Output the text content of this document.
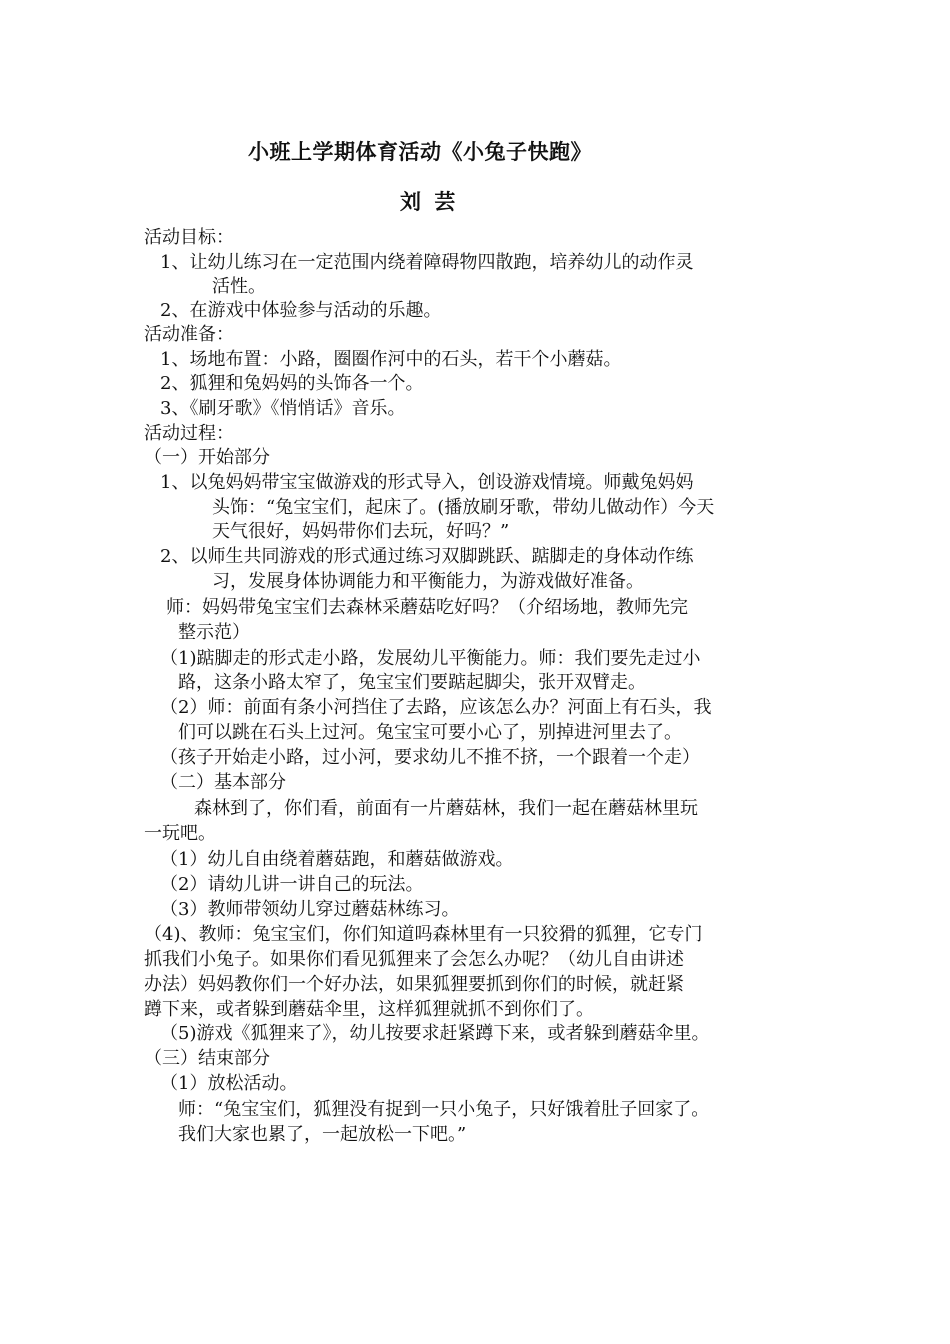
小班上学期体育活动《小兔子快跑》
刘 芸
活动目标：
1、让幼儿练习在一定范围内绕着障碍物四散跑，培养幼儿的动作灵
活性。
2、在游戏中体验参与活动的乐趣。
活动准备：
1、场地布置：小路，圈圈作河中的石头，若干个小蘑菇。
2、狐狸和兔妈妈的头饰各一个。
3、《刷牙歌》《悄悄话》音乐。
活动过程：
（一）开始部分
1、以兔妈妈带宝宝做游戏的形式导入，创设游戏情境。师戴兔妈妈
头饰：“兔宝宝们，起床了。(播放刷牙歌，带幼儿做动作）今天
天气很好，妈妈带你们去玩，好吗？”
2、以师生共同游戏的形式通过练习双脚跳跃、踮脚走的身体动作练
习，发展身体协调能力和平衡能力，为游戏做好准备。
师：妈妈带兔宝宝们去森林采蘑菇吃好吗？（介绍场地，教师先完
整示范）
（1)踮脚走的形式走小路，发展幼儿平衡能力。师：我们要先走过小
路，这条小路太窄了，兔宝宝们要踮起脚尖，张开双臂走。
（2）师：前面有条小河挡住了去路，应该怎么办？河面上有石头，我
们可以跳在石头上过河。兔宝宝可要小心了，别掉进河里去了。
（孩子开始走小路，过小河，要求幼儿不推不挤，一个跟着一个走）
（二）基本部分
森林到了，你们看，前面有一片蘑菇林，我们一起在蘑菇林里玩
一玩吧。
（1）幼儿自由绕着蘑菇跑，和蘑菇做游戏。
（2）请幼儿讲一讲自己的玩法。
（3）教师带领幼儿穿过蘑菇林练习。
（4)、教师：兔宝宝们，你们知道吗森林里有一只狡猾的狐狸，它专门
抓我们小兔子。如果你们看见狐狸来了会怎么办呢？（幼儿自由讲述
办法）妈妈教你们一个好办法，如果狐狸要抓到你们的时候，就赶紧
蹲下来，或者躲到蘑菇伞里，这样狐狸就抓不到你们了。
（5)游戏《狐狸来了》，幼儿按要求赶紧蹲下来，或者躲到蘑菇伞里。
（三）结束部分
（1）放松活动。
师：“兔宝宝们，狐狸没有捉到一只小兔子，只好饿着肚子回家了。
我们大家也累了，一起放松一下吧。”
